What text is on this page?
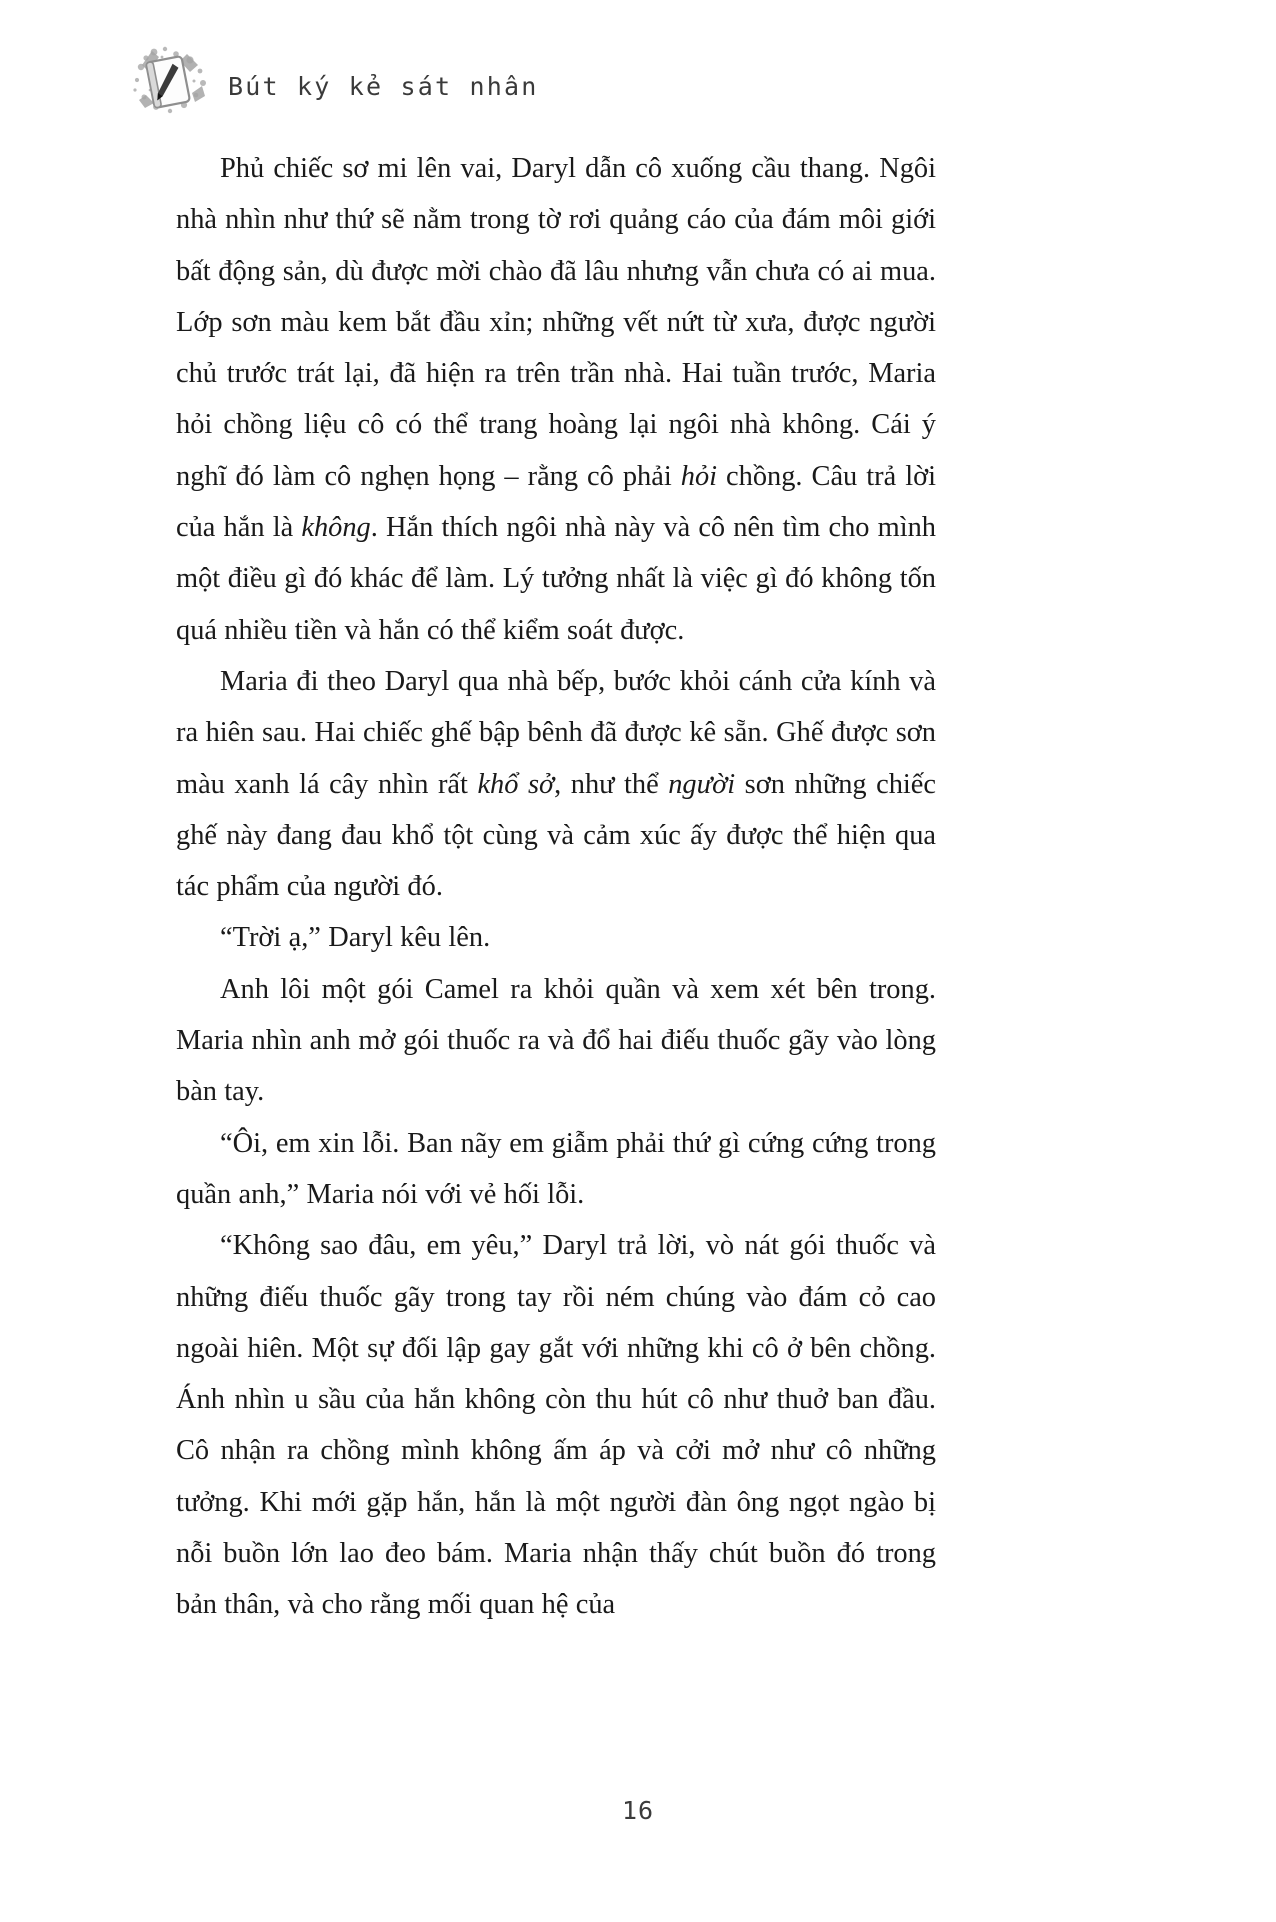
Bút ký kẻ sát nhân

Phủ chiếc sơ mi lên vai, Daryl dẫn cô xuống cầu thang. Ngôi nhà nhìn như thứ sẽ nằm trong tờ rơi quảng cáo của đám môi giới bất động sản, dù được mời chào đã lâu nhưng vẫn chưa có ai mua. Lớp sơn màu kem bắt đầu xỉn; những vết nứt từ xưa, được người chủ trước trát lại, đã hiện ra trên trần nhà. Hai tuần trước, Maria hỏi chồng liệu cô có thể trang hoàng lại ngôi nhà không. Cái ý nghĩ đó làm cô nghẹn họng – rằng cô phải hỏi chồng. Câu trả lời của hắn là không. Hắn thích ngôi nhà này và cô nên tìm cho mình một điều gì đó khác để làm. Lý tưởng nhất là việc gì đó không tốn quá nhiều tiền và hắn có thể kiểm soát được.

Maria đi theo Daryl qua nhà bếp, bước khỏi cánh cửa kính và ra hiên sau. Hai chiếc ghế bập bênh đã được kê sẵn. Ghế được sơn màu xanh lá cây nhìn rất khổ sở, như thể người sơn những chiếc ghế này đang đau khổ tột cùng và cảm xúc ấy được thể hiện qua tác phẩm của người đó.

“Trời ạ,” Daryl kêu lên.

Anh lôi một gói Camel ra khỏi quần và xem xét bên trong. Maria nhìn anh mở gói thuốc ra và đổ hai điếu thuốc gãy vào lòng bàn tay.

“Ôi, em xin lỗi. Ban nãy em giẫm phải thứ gì cứng cứng trong quần anh,” Maria nói với vẻ hối lỗi.

“Không sao đâu, em yêu,” Daryl trả lời, vò nát gói thuốc và những điếu thuốc gãy trong tay rồi ném chúng vào đám cỏ cao ngoài hiên. Một sự đối lập gay gắt với những khi cô ở bên chồng. Ánh nhìn u sầu của hắn không còn thu hút cô như thuở ban đầu. Cô nhận ra chồng mình không ấm áp và cởi mở như cô những tưởng. Khi mới gặp hắn, hắn là một người đàn ông ngọt ngào bị nỗi buồn lớn lao đeo bám. Maria nhận thấy chút buồn đó trong bản thân, và cho rằng mối quan hệ của

16
